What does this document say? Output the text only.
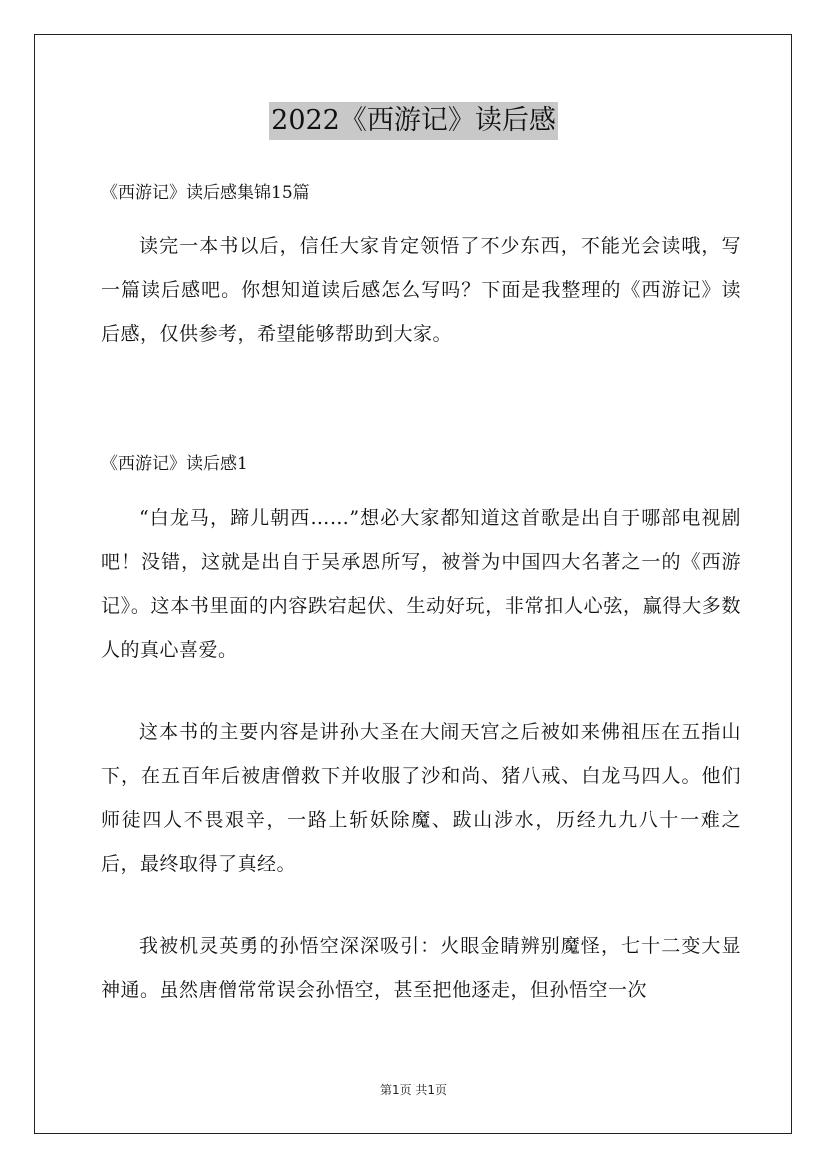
2022《西游记》读后感
《西游记》读后感集锦15篇

读完一本书以后，信任大家肯定领悟了不少东西，不能光会读哦，写一篇读后感吧。你想知道读后感怎么写吗？下面是我整理的《西游记》读后感，仅供参考，希望能够帮助到大家。

《西游记》读后感1

“白龙马，蹄儿朝西……”想必大家都知道这首歌是出自于哪部电视剧吧！没错，这就是出自于吴承恩所写，被誉为中国四大名著之一的《西游记》。这本书里面的内容跌宕起伏、生动好玩，非常扣人心弦，赢得大多数人的真心喜爱。

这本书的主要内容是讲孙大圣在大闹天宫之后被如来佛祖压在五指山下，在五百年后被唐僧救下并收服了沙和尚、猪八戒、白龙马四人。他们师徒四人不畏艰辛，一路上斩妖除魔、跋山涉水，历经九九八十一难之后，最终取得了真经。

我被机灵英勇的孙悟空深深吸引：火眼金睛辨别魔怪，七十二变大显神通。虽然唐僧常常误会孙悟空，甚至把他逐走，但孙悟空一次

第1页 共1页
